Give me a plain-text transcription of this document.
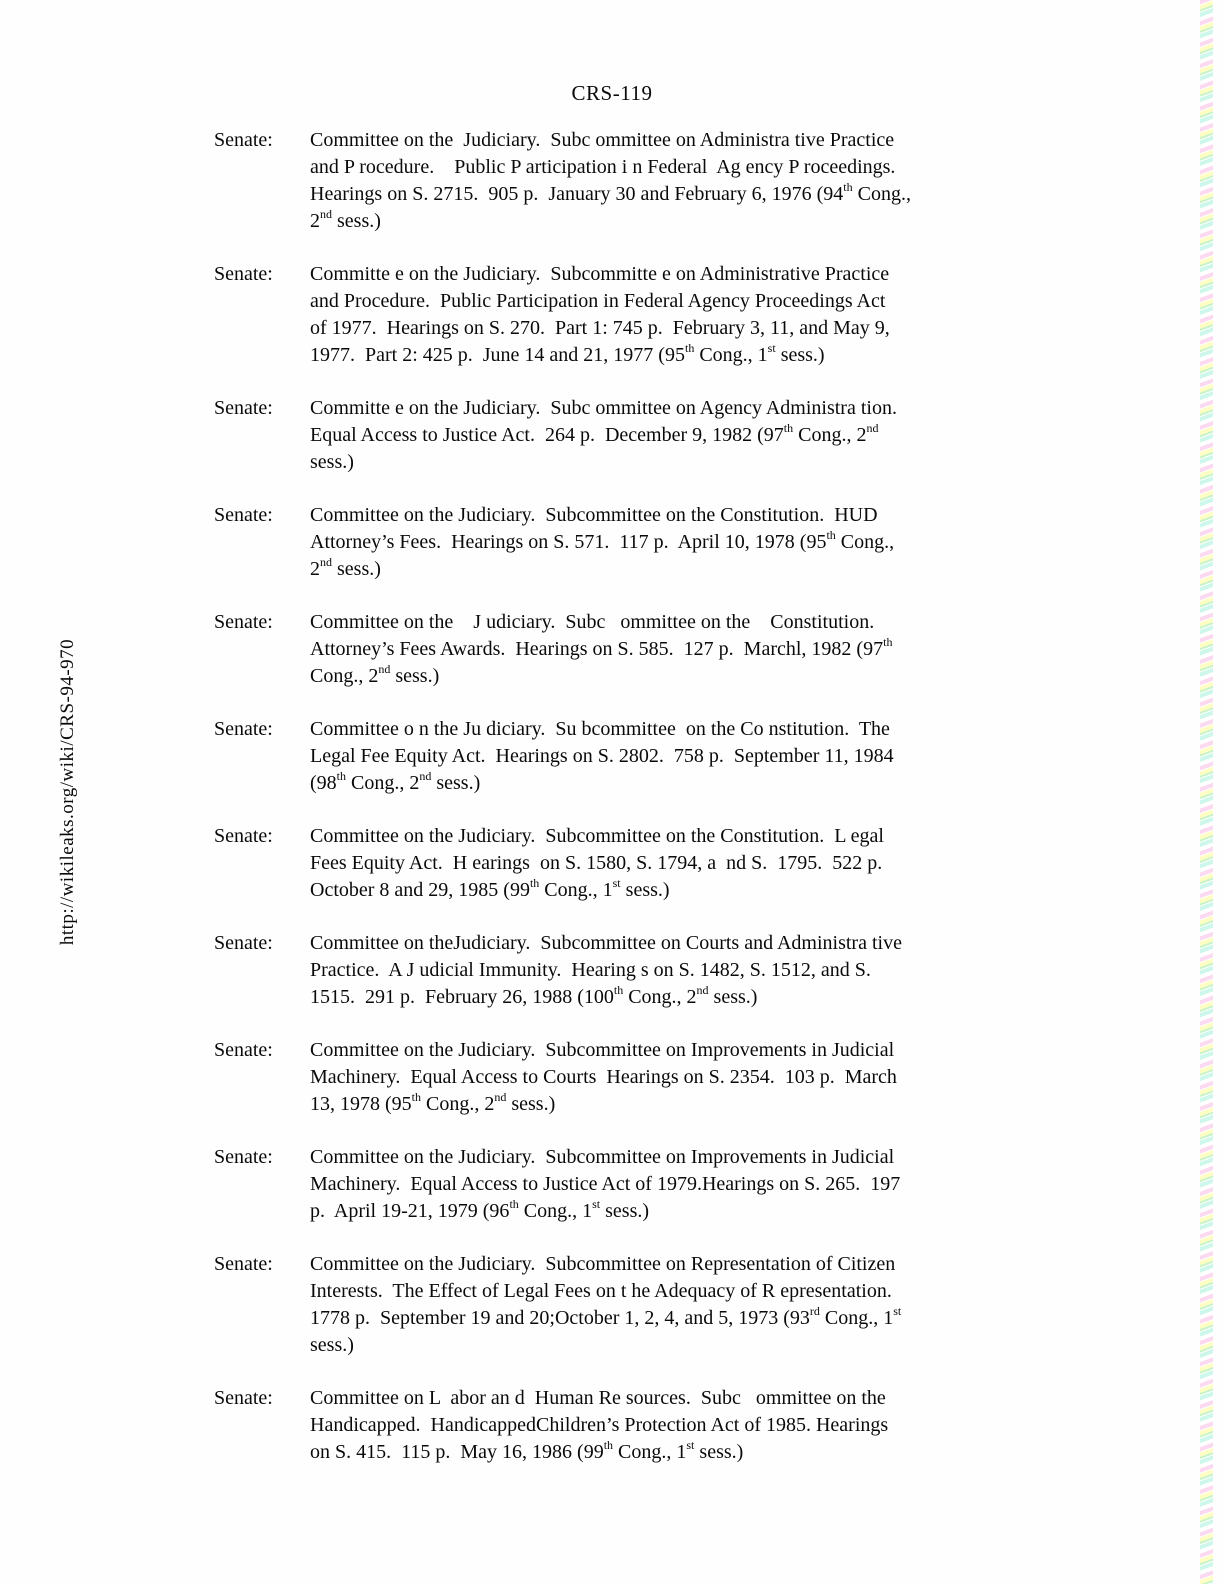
CRS-119
http://wikileaks.org/wiki/CRS-94-970
Senate:	Committee on the  Judiciary.  Subc ommittee on Administra tive Practice
and P rocedure.    Public P articipation i n Federal  Ag ency P roceedings.
Hearings on S. 2715.  905 p.  January 30 and February 6, 1976 (94th Cong.,
2nd sess.)
Senate:	Committe e on the Judiciary.  Subcommitte e on Administrative Practice
and Procedure.  Public Participation in Federal Agency Proceedings Act
of 1977.  Hearings on S. 270.  Part 1: 745 p.  February 3, 11, and May 9,
1977.  Part 2: 425 p.  June 14 and 21, 1977 (95th Cong., 1st sess.)
Senate:	Committe e on the Judiciary.  Subc ommittee on Agency Administra tion.
Equal Access to Justice Act.  264 p.  December 9, 1982 (97th Cong., 2nd
sess.)
Senate:	Committee on the Judiciary.  Subcommittee on the Constitution.  HUD
Attorney’s Fees.  Hearings on S. 571.  117 p.  April 10, 1978 (95th Cong.,
2nd sess.)
Senate:	Committee on the    J udiciary.  Subc   ommittee on the    Constitution.
Attorney’s Fees Awards.  Hearings on S. 585.  127 p.  Marchl, 1982 (97th
Cong., 2nd sess.)
Senate:	Committee o n the Ju diciary.  Su bcommittee  on the Co nstitution.  The
Legal Fee Equity Act.  Hearings on S. 2802.  758 p.  September 11, 1984
(98th Cong., 2nd sess.)
Senate:	Committee on the Judiciary.  Subcommittee on the Constitution.  L egal
Fees Equity Act.  H earings  on S. 1580, S. 1794, a  nd S.  1795.  522 p.
October 8 and 29, 1985 (99th Cong., 1st sess.)
Senate:	Committee on theJudiciary.  Subcommittee on Courts and Administra tive
Practice.  A J udicial Immunity.  Hearing s on S. 1482, S. 1512, and S.
1515.  291 p.  February 26, 1988 (100th Cong., 2nd sess.)
Senate:	Committee on the Judiciary.  Subcommittee on Improvements in Judicial
Machinery.  Equal Access to Courts  Hearings on S. 2354.  103 p.  March
13, 1978 (95th Cong., 2nd sess.)
Senate:	Committee on the Judiciary.  Subcommittee on Improvements in Judicial
Machinery.  Equal Access to Justice Act of 1979.Hearings on S. 265.  197
p.  April 19-21, 1979 (96th Cong., 1st sess.)
Senate:	Committee on the Judiciary.  Subcommittee on Representation of Citizen
Interests.  The Effect of Legal Fees on t he Adequacy of R epresentation.
1778 p.  September 19 and 20;October 1, 2, 4, and 5, 1973 (93rd Cong., 1st
sess.)
Senate:	Committee on L  abor an d  Human Re sources.  Subc   ommittee on the
Handicapped.  HandicappedChildren’s Protection Act of 1985. Hearings
on S. 415.  115 p.  May 16, 1986 (99th Cong., 1st sess.)
